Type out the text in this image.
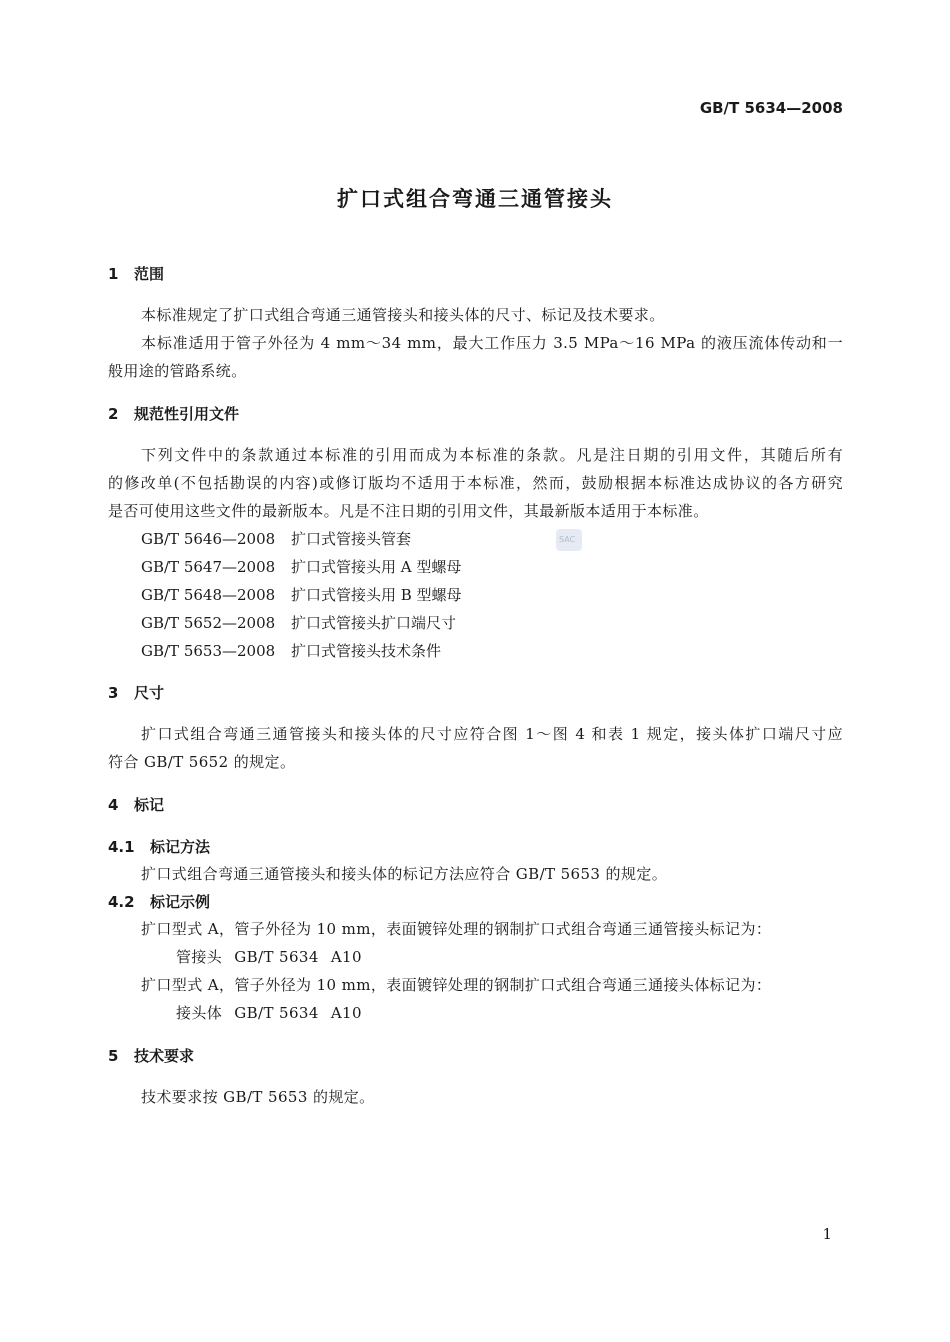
GB/T 5634—2008
扩口式组合弯通三通管接头
1 范围
本标准规定了扩口式组合弯通三通管接头和接头体的尺寸、标记及技术要求。
本标准适用于管子外径为 4 mm～34 mm，最大工作压力 3.5 MPa～16 MPa 的液压流体传动和一
般用途的管路系统。
2 规范性引用文件
下列文件中的条款通过本标准的引用而成为本标准的条款。凡是注日期的引用文件，其随后所有
的修改单(不包括勘误的内容)或修订版均不适用于本标准，然而，鼓励根据本标准达成协议的各方研究
是否可使用这些文件的最新版本。凡是不注日期的引用文件，其最新版本适用于本标准。
GB/T 5646—2008 扩口式管接头管套
GB/T 5647—2008 扩口式管接头用 A 型螺母
GB/T 5648—2008 扩口式管接头用 B 型螺母
GB/T 5652—2008 扩口式管接头扩口端尺寸
GB/T 5653—2008 扩口式管接头技术条件
SAC
3 尺寸
扩口式组合弯通三通管接头和接头体的尺寸应符合图 1～图 4 和表 1 规定，接头体扩口端尺寸应
符合 GB/T 5652 的规定。
4 标记
4.1 标记方法
扩口式组合弯通三通管接头和接头体的标记方法应符合 GB/T 5653 的规定。
4.2 标记示例
扩口型式 A，管子外径为 10 mm，表面镀锌处理的钢制扩口式组合弯通三通管接头标记为：
管接头 GB/T 5634 A10
扩口型式 A，管子外径为 10 mm，表面镀锌处理的钢制扩口式组合弯通三通接头体标记为：
接头体 GB/T 5634 A10
5 技术要求
技术要求按 GB/T 5653 的规定。
1
